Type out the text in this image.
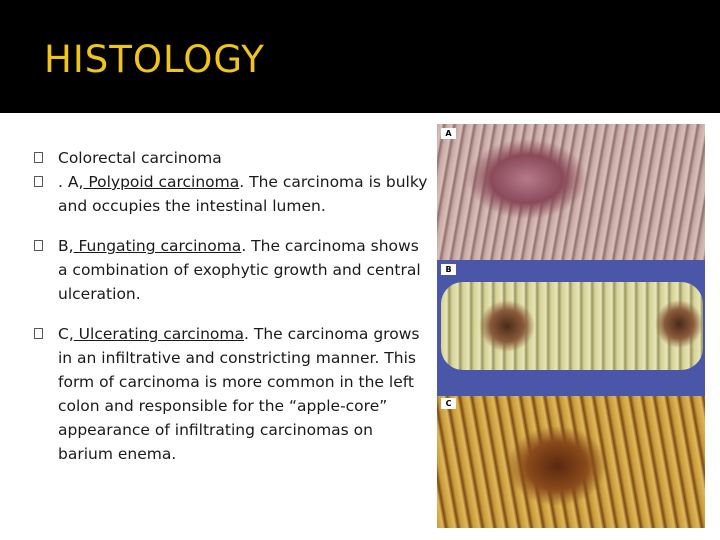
HISTOLOGY
Colorectal carcinoma
. A, Polypoid carcinoma. The carcinoma is bulky and occupies the intestinal lumen.
B, Fungating carcinoma. The carcinoma shows a combination of exophytic growth and central ulceration.
C, Ulcerating carcinoma. The carcinoma grows in an infiltrative and constricting manner. This form of carcinoma is more common in the left colon and responsible for the “apple-core” appearance of infiltrating carcinomas on barium enema.
A
B
C
